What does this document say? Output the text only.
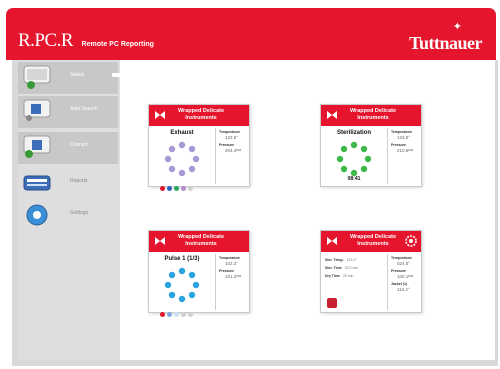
R.PC.R Remote PC Reporting
✦
Tuttnauer
Status
Auto Search
Connect
Reports
Settings
Wrapped Delicate Instruments
Exhaust	Temperature
122.5°
Pressure
204.4ᵏᵖᵃ
Wrapped Delicate Instruments
Sterilization
08:41
Temperature
123.5°
Pressure
210.6ᵏᵖᵃ
Wrapped Delicate Instruments
Pulse 1 (1/3)	Temperature
102.3°
Pressure
101.2ᵏᵖᵃ
Wrapped Delicate Instruments
Ster. Temp. 121.0°
Ster. Time 20.0 min
Dry Time 20 min
Temperature
024.5°
Pressure
100.1ᵏᵖᵃ
Jacket (1)
110.2°
